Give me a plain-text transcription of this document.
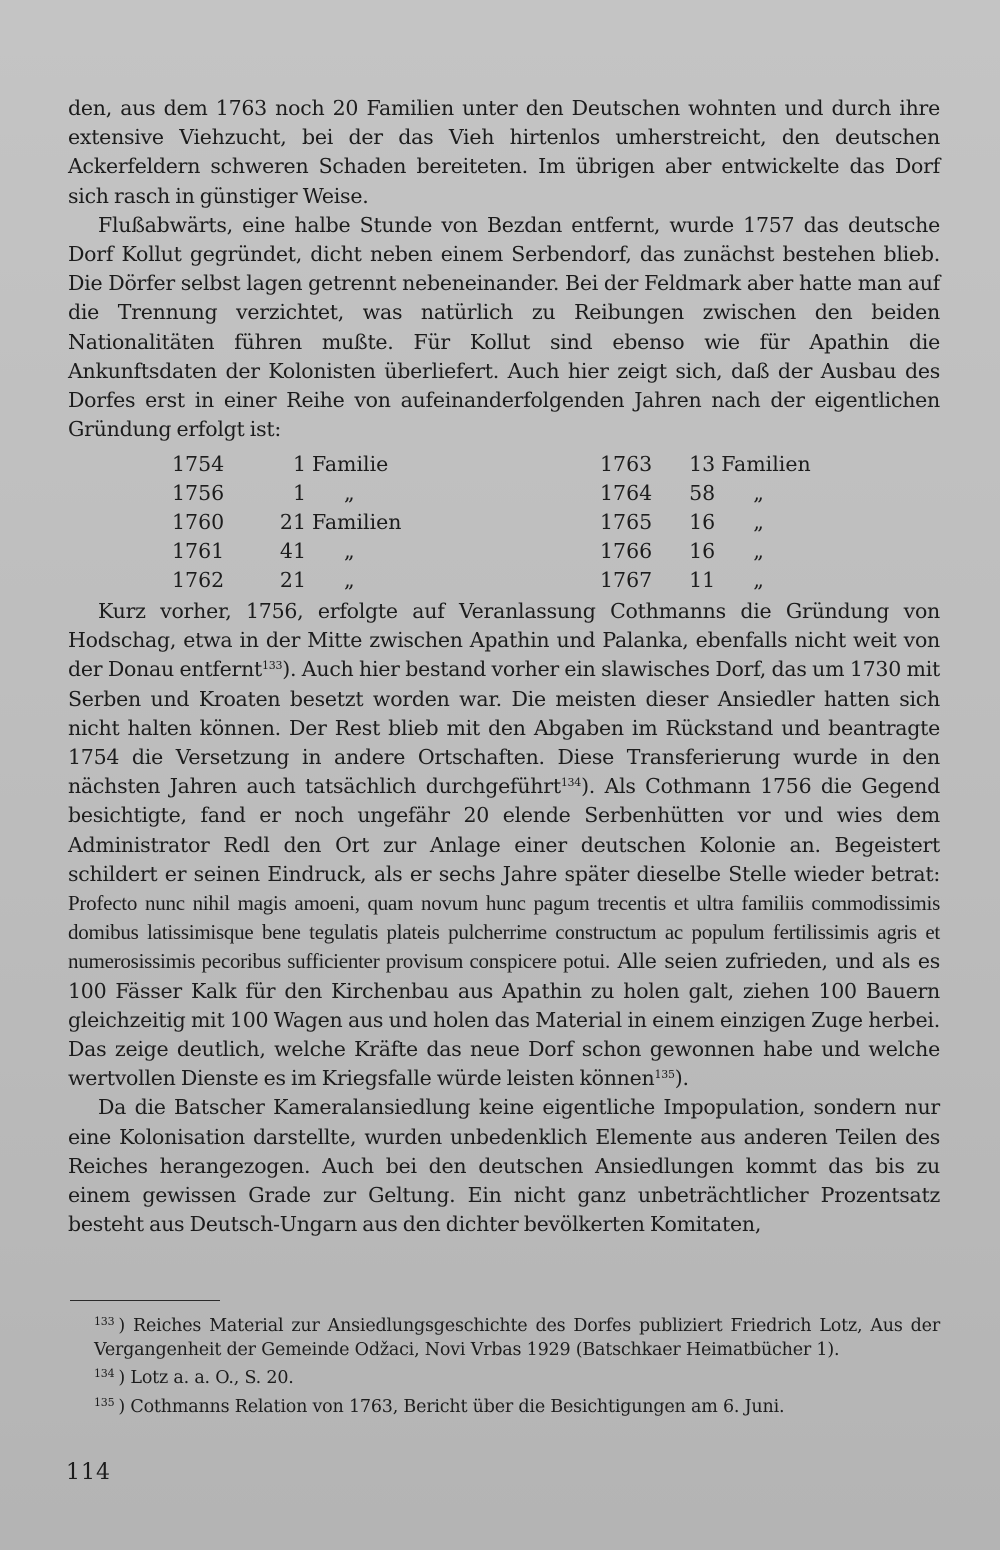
den, aus dem 1763 noch 20 Familien unter den Deutschen wohnten und durch ihre extensive Viehzucht, bei der das Vieh hirtenlos umherstreicht, den deutschen Ackerfeldern schweren Schaden bereiteten. Im übrigen aber entwickelte das Dorf sich rasch in günstiger Weise.

Flußabwärts, eine halbe Stunde von Bezdan entfernt, wurde 1757 das deutsche Dorf Kollut gegründet, dicht neben einem Serbendorf, das zunächst bestehen blieb. Die Dörfer selbst lagen getrennt nebeneinander. Bei der Feldmark aber hatte man auf die Trennung verzichtet, was natürlich zu Reibungen zwischen den beiden Nationalitäten führen mußte. Für Kollut sind ebenso wie für Apathin die Ankunftsdaten der Kolonisten überliefert. Auch hier zeigt sich, daß der Ausbau des Dorfes erst in einer Reihe von aufeinanderfolgenden Jahren nach der eigentlichen Gründung erfolgt ist:

1754	1	Familie
1756	1	„
1760	21	Familien
1761	41	„
1762	21	„
1763	13	Familien
1764	58	„
1765	16	„
1766	16	„
1767	11	„

Kurz vorher, 1756, erfolgte auf Veranlassung Cothmanns die Gründung von Hodschag, etwa in der Mitte zwischen Apathin und Palanka, ebenfalls nicht weit von der Donau entfernt$^{133}$). Auch hier bestand vorher ein slawisches Dorf, das um 1730 mit Serben und Kroaten besetzt worden war. Die meisten dieser Ansiedler hatten sich nicht halten können. Der Rest blieb mit den Abgaben im Rückstand und beantragte 1754 die Versetzung in andere Ortschaften. Diese Transferierung wurde in den nächsten Jahren auch tatsächlich durchgeführt$^{134}$). Als Cothmann 1756 die Gegend besichtigte, fand er noch ungefähr 20 elende Serbenhütten vor und wies dem Administrator Redl den Ort zur Anlage einer deutschen Kolonie an. Begeistert schildert er seinen Eindruck, als er sechs Jahre später dieselbe Stelle wieder betrat: Profecto nunc nihil magis amoeni, quam novum hunc pagum trecentis et ultra familiis commodissimis domibus latissimisque bene tegulatis plateis pulcherrime constructum ac populum fertilissimis agris et numerosissimis pecoribus sufficienter provisum conspicere potui. Alle seien zufrieden, und als es 100 Fässer Kalk für den Kirchenbau aus Apathin zu holen galt, ziehen 100 Bauern gleichzeitig mit 100 Wagen aus und holen das Material in einem einzigen Zuge herbei. Das zeige deutlich, welche Kräfte das neue Dorf schon gewonnen habe und welche wertvollen Dienste es im Kriegsfalle würde leisten können$^{135}$).

Da die Batscher Kameralansiedlung keine eigentliche Impopulation, sondern nur eine Kolonisation darstellte, wurden unbedenklich Elemente aus anderen Teilen des Reiches herangezogen. Auch bei den deutschen Ansiedlungen kommt das bis zu einem gewissen Grade zur Geltung. Ein nicht ganz unbeträchtlicher Prozentsatz besteht aus Deutsch-Ungarn aus den dichter bevölkerten Komitaten,

$^{133}$ ) Reiches Material zur Ansiedlungsgeschichte des Dorfes publiziert Friedrich Lotz, Aus der Vergangenheit der Gemeinde Odžaci, Novi Vrbas 1929 (Batschkaer Heimatbücher 1).

$^{134}$ ) Lotz a. a. O., S. 20.

$^{135}$ ) Cothmanns Relation von 1763, Bericht über die Besichtigungen am 6. Juni.

114
